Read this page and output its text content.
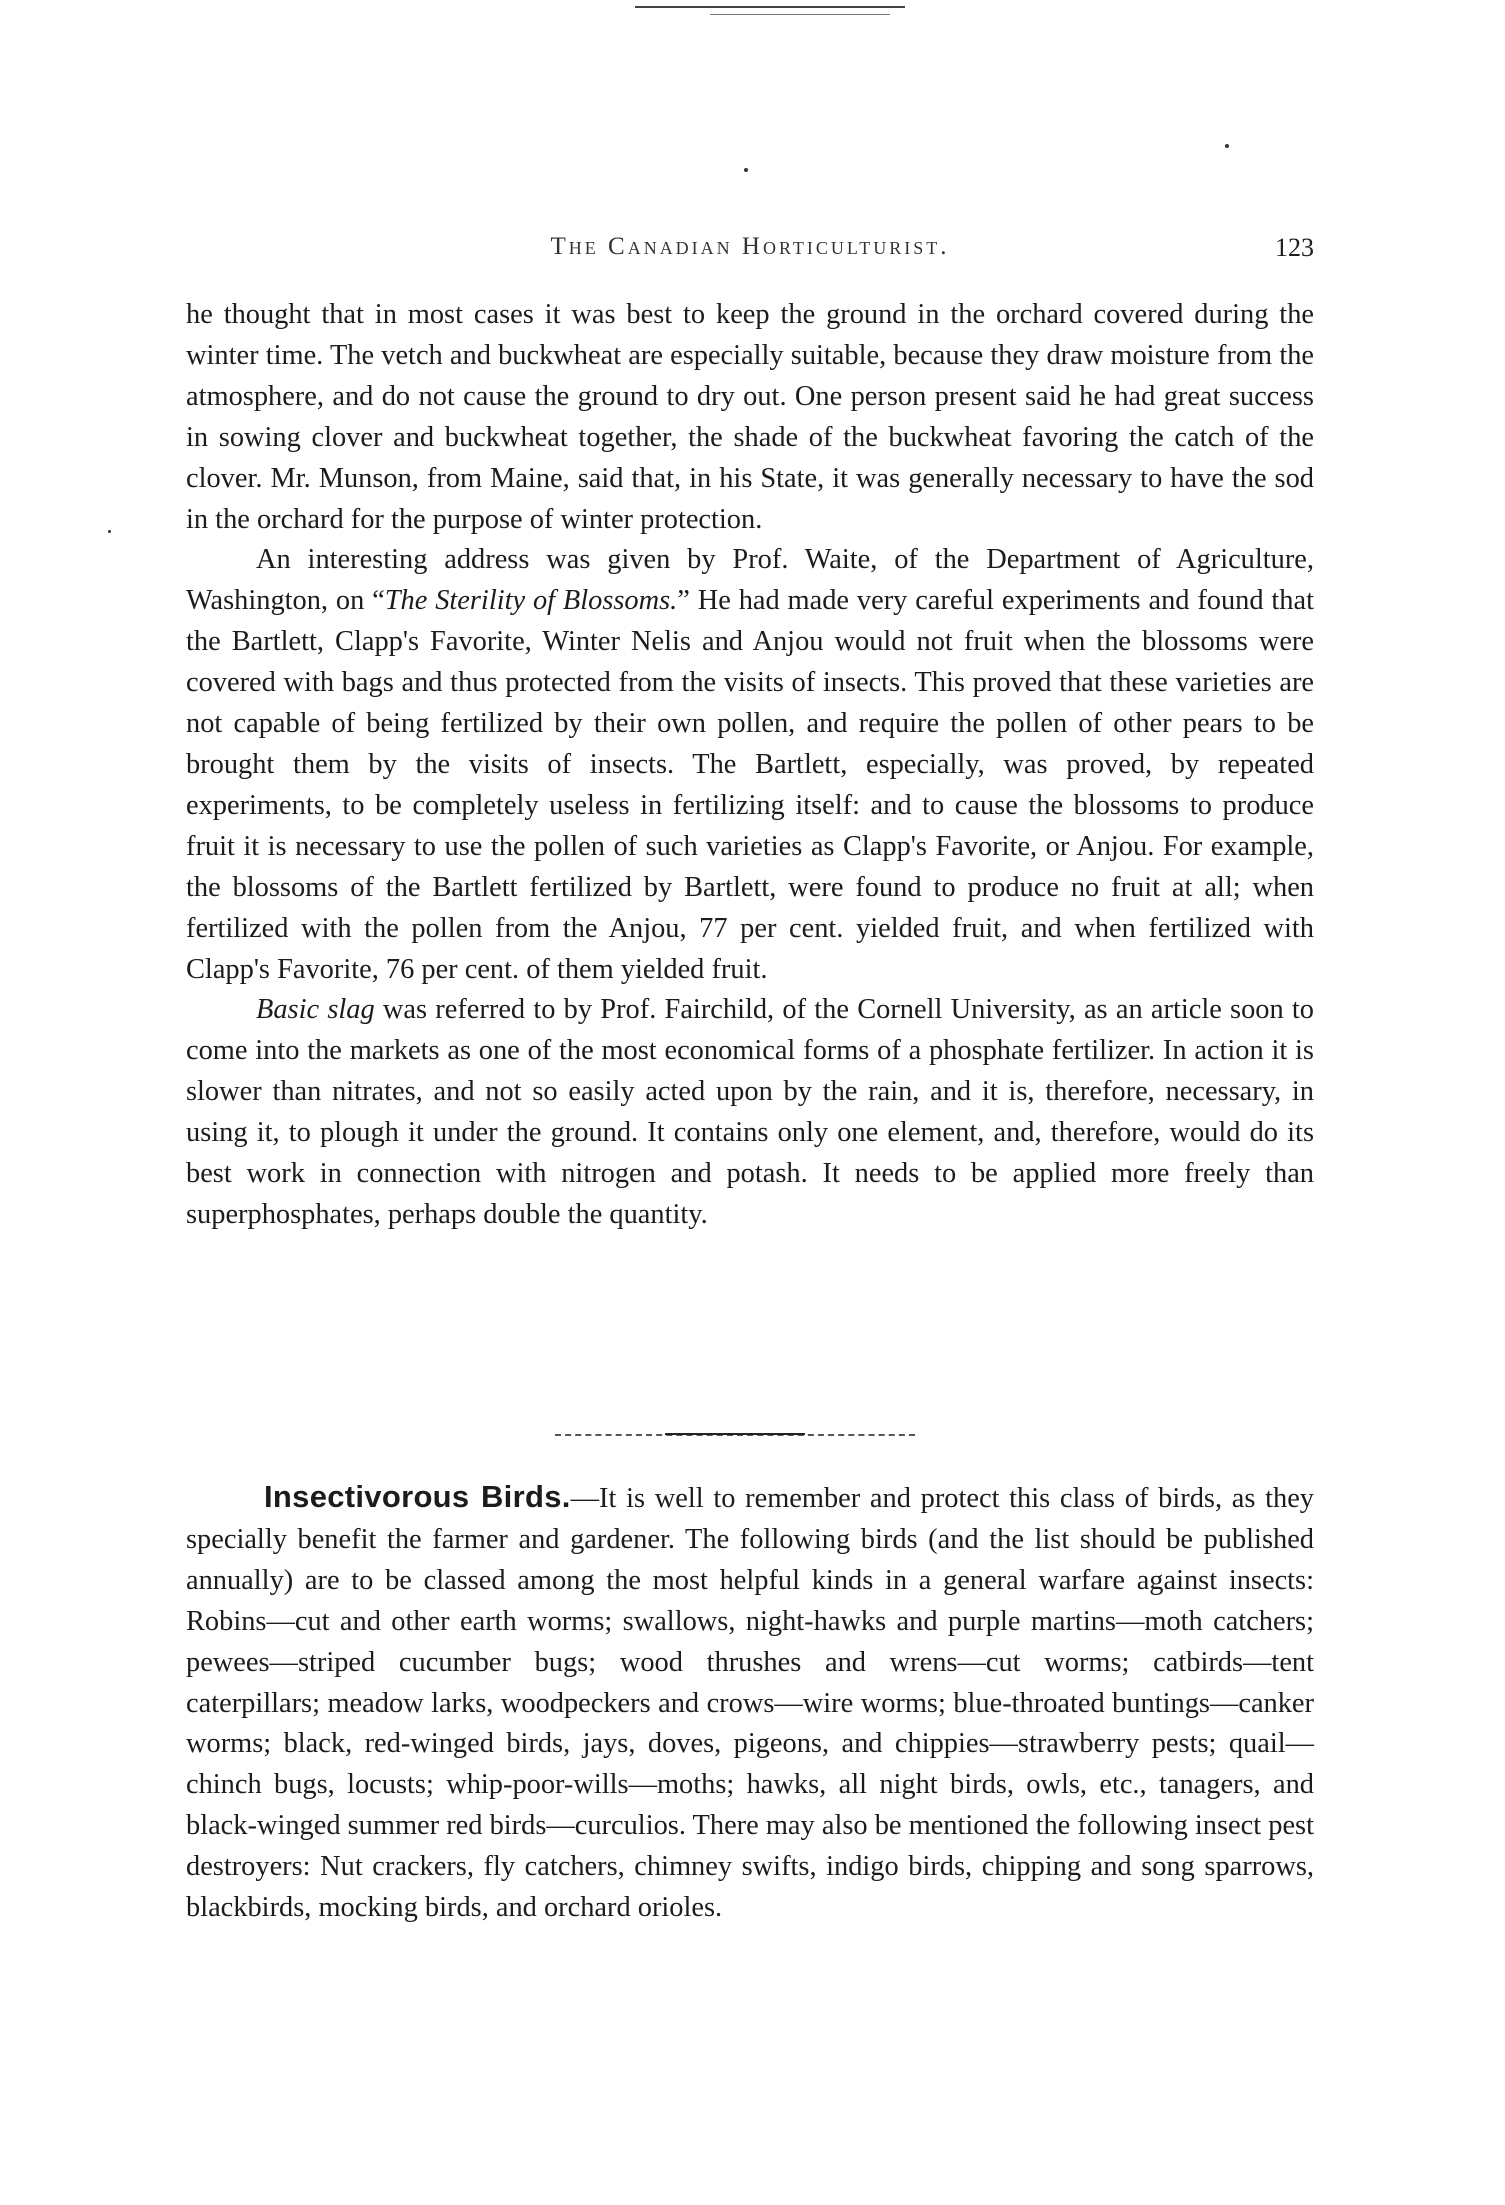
The Canadian Horticulturist.	123

he thought that in most cases it was best to keep the ground in the orchard covered during the winter time. The vetch and buckwheat are especially suitable, because they draw moisture from the atmosphere, and do not cause the ground to dry out. One person present said he had great success in sowing clover and buckwheat together, the shade of the buckwheat favoring the catch of the clover. Mr. Munson, from Maine, said that, in his State, it was generally necessary to have the sod in the orchard for the purpose of winter protection.

An interesting address was given by Prof. Waite, of the Department of Agriculture, Washington, on “The Sterility of Blossoms.” He had made very careful experiments and found that the Bartlett, Clapp's Favorite, Winter Nelis and Anjou would not fruit when the blossoms were covered with bags and thus protected from the visits of insects. This proved that these varieties are not capable of being fertilized by their own pollen, and require the pollen of other pears to be brought them by the visits of insects. The Bartlett, especially, was proved, by repeated experiments, to be completely useless in fertilizing itself: and to cause the blossoms to produce fruit it is necessary to use the pollen of such varieties as Clapp's Favorite, or Anjou. For example, the blossoms of the Bartlett fertilized by Bartlett, were found to produce no fruit at all; when fertilized with the pollen from the Anjou, 77 per cent. yielded fruit, and when fertilized with Clapp's Favorite, 76 per cent. of them yielded fruit.

Basic slag was referred to by Prof. Fairchild, of the Cornell University, as an article soon to come into the markets as one of the most economical forms of a phosphate fertilizer. In action it is slower than nitrates, and not so easily acted upon by the rain, and it is, therefore, necessary, in using it, to plough it under the ground. It contains only one element, and, therefore, would do its best work in connection with nitrogen and potash. It needs to be applied more freely than superphosphates, perhaps double the quantity.

Insectivorous Birds.—It is well to remember and protect this class of birds, as they specially benefit the farmer and gardener. The following birds (and the list should be published annually) are to be classed among the most helpful kinds in a general warfare against insects: Robins—cut and other earth worms; swallows, night-hawks and purple martins—moth catchers; pewees—striped cucumber bugs; wood thrushes and wrens—cut worms; catbirds—tent caterpillars; meadow larks, woodpeckers and crows—wire worms; blue-throated buntings—canker worms; black, red-winged birds, jays, doves, pigeons, and chippies—strawberry pests; quail—chinch bugs, locusts; whip-poor-wills—moths; hawks, all night birds, owls, etc., tanagers, and black-winged summer red birds—curculios. There may also be mentioned the following insect pest destroyers: Nut crackers, fly catchers, chimney swifts, indigo birds, chipping and song sparrows, blackbirds, mocking birds, and orchard orioles.
